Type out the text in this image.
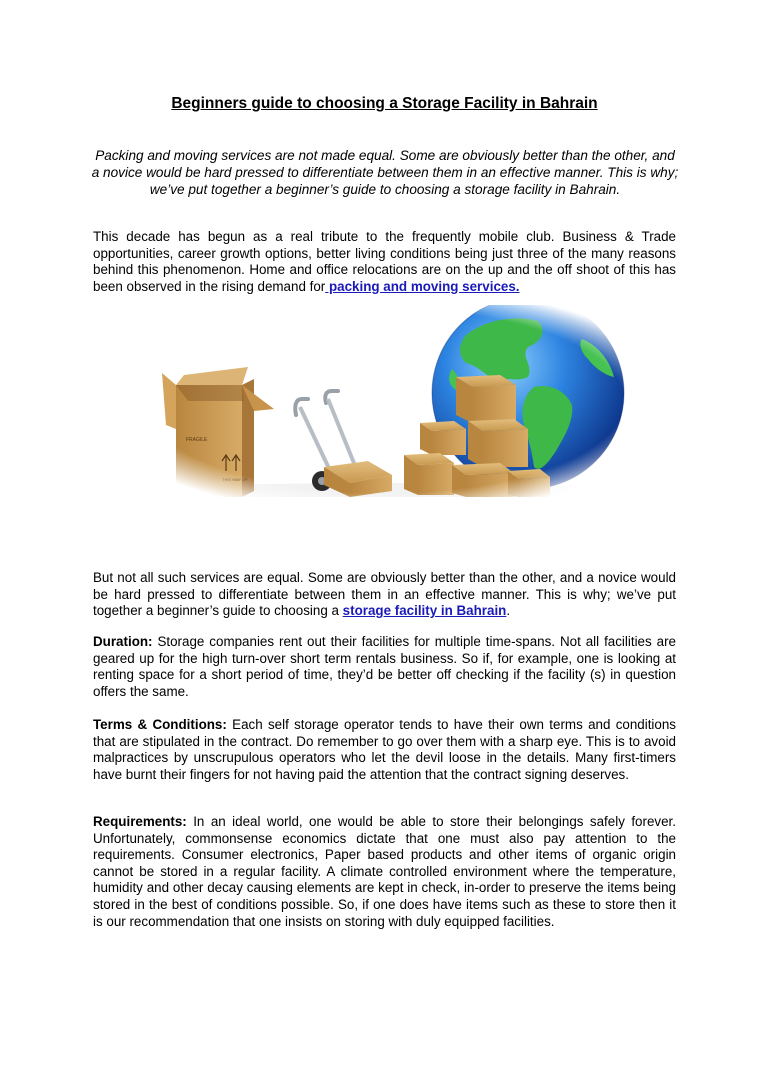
Beginners guide to choosing a Storage Facility in Bahrain
Packing and moving services are not made equal. Some are obviously better than the other, and a novice would be hard pressed to differentiate between them in an effective manner. This is why; we’ve put together a beginner’s guide to choosing a storage facility in Bahrain.
This decade has begun as a real tribute to the frequently mobile club. Business & Trade opportunities, career growth options, better living conditions being just three of the many reasons behind this phenomenon. Home and office relocations are on the up and the off shoot of this has been observed in the rising demand for packing and moving services.
But not all such services are equal. Some are obviously better than the other, and a novice would be hard pressed to differentiate between them in an effective manner. This is why; we’ve put together a beginner’s guide to choosing a storage facility in Bahrain.
Duration: Storage companies rent out their facilities for multiple time-spans. Not all facilities are geared up for the high turn-over short term rentals business. So if, for example, one is looking at renting space for a short period of time, they’d be better off checking if the facility (s) in question offers the same.
Terms & Conditions: Each self storage operator tends to have their own terms and conditions that are stipulated in the contract. Do remember to go over them with a sharp eye. This is to avoid malpractices by unscrupulous operators who let the devil loose in the details. Many first-timers have burnt their fingers for not having paid the attention that the contract signing deserves.
Requirements: In an ideal world, one would be able to store their belongings safely forever. Unfortunately, commonsense economics dictate that one must also pay attention to the requirements. Consumer electronics, Paper based products and other items of organic origin cannot be stored in a regular facility. A climate controlled environment where the temperature, humidity and other decay causing elements are kept in check, in-order to preserve the items being stored in the best of conditions possible. So, if one does have items such as these to store then it is our recommendation that one insists on storing with duly equipped facilities.
